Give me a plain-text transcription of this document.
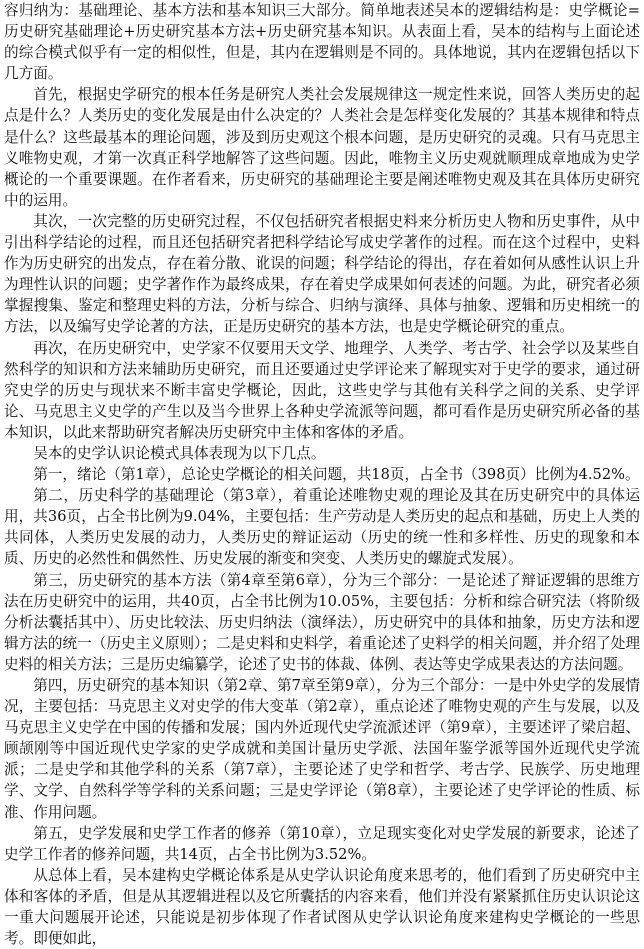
容归纳为：基础理论、基本方法和基本知识三大部分。简单地表述吴本的逻辑结构是：史学概论=历史研究基础理论+历史研究基本方法+历史研究基本知识。从表面上看，吴本的结构与上面论述的综合模式似乎有一定的相似性，但是，其内在逻辑则是不同的。具体地说，其内在逻辑包括以下几方面。

首先，根据史学研究的根本任务是研究人类社会发展规律这一规定性来说，回答人类历史的起点是什么？人类历史的变化发展是由什么决定的？人类社会是怎样变化发展的？其基本规律和特点是什么？这些最基本的理论问题，涉及到历史观这个根本问题，是历史研究的灵魂。只有马克思主义唯物史观，才第一次真正科学地解答了这些问题。因此，唯物主义历史观就顺理成章地成为史学概论的一个重要课题。在作者看来，历史研究的基础理论主要是阐述唯物史观及其在具体历史研究中的运用。

其次，一次完整的历史研究过程，不仅包括研究者根据史料来分析历史人物和历史事件，从中引出科学结论的过程，而且还包括研究者把科学结论写成史学著作的过程。而在这个过程中，史料作为历史研究的出发点，存在着分散、讹误的问题；科学结论的得出，存在着如何从感性认识上升为理性认识的问题；史学著作作为最终成果，存在着史学成果如何表述的问题。为此，研究者必须掌握搜集、鉴定和整理史料的方法，分析与综合、归纳与演绎、具体与抽象、逻辑和历史相统一的方法，以及编写史学论著的方法，正是历史研究的基本方法，也是史学概论研究的重点。

再次，在历史研究中，史学家不仅要用天文学、地理学、人类学、考古学、社会学以及某些自然科学的知识和方法来辅助历史研究，而且还要通过史学评论来了解现实对于史学的要求，通过研究史学的历史与现状来不断丰富史学概论，因此，这些史学与其他有关科学之间的关系、史学评论、马克思主义史学的产生以及当今世界上各种史学流派等问题，都可看作是历史研究所必备的基本知识，以此来帮助研究者解决历史研究中主体和客体的矛盾。

吴本的史学认识论模式具体表现为以下几点。

第一，绪论（第1章），总论史学概论的相关问题，共18页，占全书（398页）比例为4.52%。

第二，历史科学的基础理论（第3章），着重论述唯物史观的理论及其在历史研究中的具体运用，共36页，占全书比例为9.04%，主要包括：生产劳动是人类历史的起点和基础，历史上人类的共同体，人类历史发展的动力，人类历史的辩证运动（历史的统一性和多样性、历史的现象和本质、历史的必然性和偶然性、历史发展的渐变和突变、人类历史的螺旋式发展）。

第三，历史研究的基本方法（第4章至第6章），分为三个部分：一是论述了辩证逻辑的思维方法在历史研究中的运用，共40页，占全书比例为10.05%，主要包括：分析和综合研究法（将阶级分析法囊括其中）、历史比较法、历史归纳法（演绎法），历史研究中的具体和抽象，历史方法和逻辑方法的统一（历史主义原则）；二是史料和史料学，着重论述了史料学的相关问题，并介绍了处理史料的相关方法；三是历史编纂学，论述了史书的体裁、体例、表达等史学成果表达的方法问题。

第四，历史研究的基本知识（第2章、第7章至第9章），分为三个部分：一是中外史学的发展情况，主要包括：马克思主义对史学的伟大变革（第2章），重点论述了唯物史观的产生与发展，以及马克思主义史学在中国的传播和发展；国内外近现代史学流派述评（第9章），主要述评了梁启超、顾颉刚等中国近现代史学家的史学成就和美国计量历史学派、法国年鉴学派等国外近现代史学流派；二是史学和其他学科的关系（第7章），主要论述了史学和哲学、考古学、民族学、历史地理学、文学、自然科学等学科的关系问题；三是史学评论（第8章），主要论述了史学评论的性质、标准、作用问题。

第五，史学发展和史学工作者的修养（第10章），立足现实变化对史学发展的新要求，论述了史学工作者的修养问题，共14页，占全书比例为3.52%。

从总体上看，吴本建构史学概论体系是从史学认识论角度来思考的，他们看到了历史研究中主体和客体的矛盾，但是从其逻辑进程以及它所囊括的内容来看，他们并没有紧紧抓住历史认识论这一重大问题展开论述，只能说是初步体现了作者试图从史学认识论角度来建构史学概论的一些思考。即便如此，
